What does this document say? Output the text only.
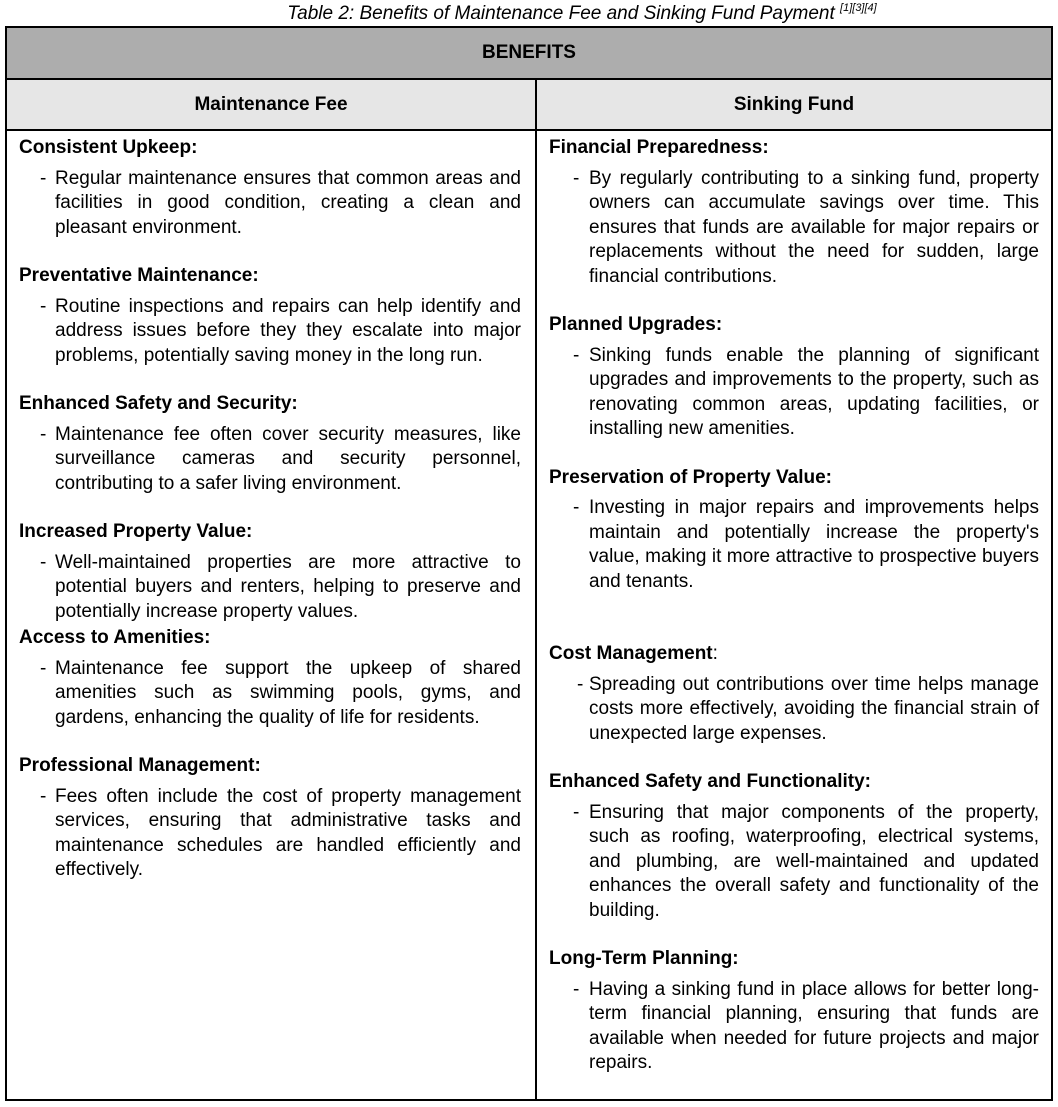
Table 2: Benefits of Maintenance Fee and Sinking Fund Payment [1][3][4]
BENEFITS	
Maintenance Fee	Sinking Fund

Consistent Upkeep:
- Regular maintenance ensures that common areas and facilities in good condition, creating a clean and pleasant environment.
Preventative Maintenance:
- Routine inspections and repairs can help identify and address issues before they they escalate into major problems, potentially saving money in the long run.
Enhanced Safety and Security:
- Maintenance fee often cover security measures, like surveillance cameras and security personnel, contributing to a safer living environment.
Increased Property Value:
- Well-maintained properties are more attractive to potential buyers and renters, helping to preserve and potentially increase property values.
Access to Amenities:
- Maintenance fee support the upkeep of shared amenities such as swimming pools, gyms, and gardens, enhancing the quality of life for residents.
Professional Management:
- Fees often include the cost of property management services, ensuring that administrative tasks and maintenance schedules are handled efficiently and effectively.

Financial Preparedness:
- By regularly contributing to a sinking fund, property owners can accumulate savings over time. This ensures that funds are available for major repairs or replacements without the need for sudden, large financial contributions.
Planned Upgrades:
- Sinking funds enable the planning of significant upgrades and improvements to the property, such as renovating common areas, updating facilities, or installing new amenities.
Preservation of Property Value:
- Investing in major repairs and improvements helps maintain and potentially increase the property's value, making it more attractive to prospective buyers and tenants.
Cost Management:
- Spreading out contributions over time helps manage costs more effectively, avoiding the financial strain of unexpected large expenses.
Enhanced Safety and Functionality:
- Ensuring that major components of the property, such as roofing, waterproofing, electrical systems, and plumbing, are well-maintained and updated enhances the overall safety and functionality of the building.
Long-Term Planning:
- Having a sinking fund in place allows for better long-term financial planning, ensuring that funds are available when needed for future projects and major repairs.
